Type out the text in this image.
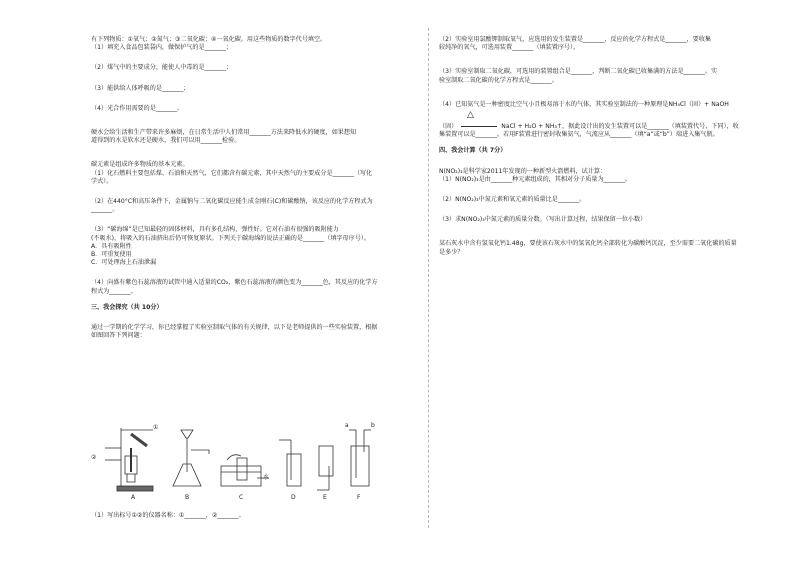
有下列物质：①氧气；②氮气；③二氧化碳；④一氧化碳。用这些物质的数字代号填空。

（1）填充入食品包装袋内，做保护气的是_______；

（2）煤气中的主要成分，能使人中毒的是_______；

（3）能供给人体呼吸的是_______；

（4）光合作用需要的是_______。

硬水会给生活和生产带来许多麻烦，在日常生活中人们常用_______方法来降低水的硬度，如果想知

道得到的水是软水还是硬水，我们可以用_______检验。

碳元素是组成许多物质的基本元素。

（1）化石燃料主要包括煤、石油和天然气，它们都含有碳元素，其中天然气的主要成分是_______（写化

学式）。

（2）在440°C和高压条件下，金属钠与二氧化碳反应能生成金刚石(C)和碳酸钠，该反应的化学方程式为

_______。

（3）“碳海绵”是已知最轻的固体材料，具有多孔结构，弹性好。它对石油有很强的吸附能力

(不吸水)，将吸入的石油挤出后仍可恢复原状。下列关于碳海绵的说法正确的是_______（填字母序号）。

A．具有吸附性

B．可重复使用

C．可处理海上石油泄漏

（4）向盛有紫色石蕊溶液的试管中通入适量的CO₂，紫色石蕊溶液的颜色变为_______色，其反应的化学方

程式为_______。

三、我会探究（共 10分）

通过一学期的化学学习，你已经掌握了实验室制取气体的有关规律，以下是老师提供的一些实验装置，根据

如图回答下列问题：

②
①
水
a	b
A	B	C	D	E	F

（1）写出标号①②的仪器名称：①_______，②_______。

（2）实验室用氯酸钾制取氧气，应选用的发生装置是_______，反应的化学方程式是_______，要收集

较纯净的氧气，可选用装置_______（填装置序号）。

（3）实验室制取二氧化碳，可选用的装置组合是_______，判断二氧化碳已收集满的方法是_______。实

验室制取二氧化碳的化学方程式是_______。

（4）已知氨气是一种密度比空气小且极易溶于水的气体，其实验室制法的一种原理是NH₄Cl（固）+ NaOH

△

（固）	NaCl + H₂O + NH₃↑，据此设计出的发生装置可以是_______（填装置代号，下同），收

集装置可以是_______。若用F装置进行密封收集氨气，气流应从_______（填“a”或“b”）端进入集气瓶。

四、我会计算（共 7分）

N(NO₂)₃是科学家2011年发现的一种新型火箭燃料，试计算：

（1）N(NO₂)₃是由_______种元素组成的，其相对分子质量为_______。

（2）N(NO₂)₃中氮元素和氧元素的质量比是_______。

（3）求N(NO₂)₃中氮元素的质量分数。（写出计算过程，结果保留一位小数）

某石灰水中含有氢氧化钙1.48g，要使该石灰水中的氢氧化钙全部转化为碳酸钙沉淀，至少需要二氧化碳的质量

是多少？
